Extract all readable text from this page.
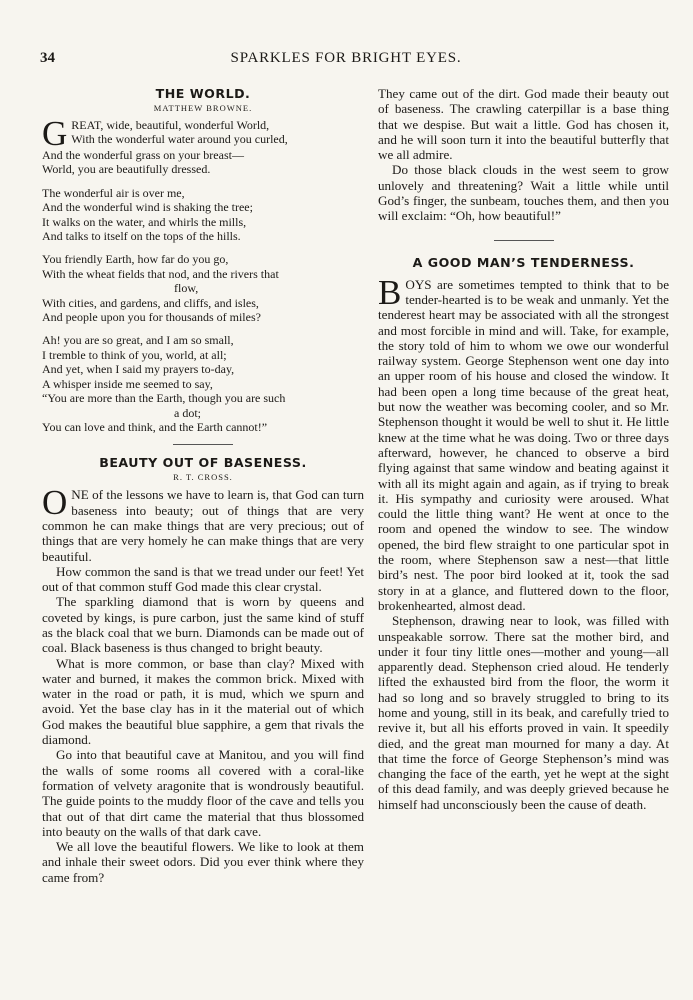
34	SPARKLES FOR BRIGHT EYES.
THE WORLD.
MATTHEW BROWNE.
G REAT, wide, beautiful, wonderful World,

With the wonderful water around you curled,

And the wonderful grass on your breast—

World, you are beautifully dressed.

The wonderful air is over me,

And the wonderful wind is shaking the tree;

It walks on the water, and whirls the mills,

And talks to itself on the tops of the hills.

You friendly Earth, how far do you go,

With the wheat fields that nod, and the rivers that

flow,

With cities, and gardens, and cliffs, and isles,

And people upon you for thousands of miles?

Ah! you are so great, and I am so small,

I tremble to think of you, world, at all;

And yet, when I said my prayers to-day,

A whisper inside me seemed to say,

“You are more than the Earth, though you are such

a dot;

You can love and think, and the Earth cannot!”

BEAUTY OUT OF BASENESS.
R. T. CROSS.
O NE of the lessons we have to learn is, that God can turn baseness into beauty; out of things that are very common he can make things that are very precious; out of things that are very homely he can make things that are very beautiful.

How common the sand is that we tread under our feet! Yet out of that common stuff God made this clear crystal.

The sparkling diamond that is worn by queens and coveted by kings, is pure carbon, just the same kind of stuff as the black coal that we burn. Diamonds can be made out of coal. Black baseness is thus changed to bright beauty.

What is more common, or base than clay? Mixed with water and burned, it makes the common brick. Mixed with water in the road or path, it is mud, which we spurn and avoid. Yet the base clay has in it the material out of which God makes the beautiful blue sapphire, a gem that rivals the diamond.

Go into that beautiful cave at Manitou, and you will find the walls of some rooms all covered with a coral-like formation of velvety aragonite that is wondrously beautiful. The guide points to the muddy floor of the cave and tells you that out of that dirt came the material that thus blossomed into beauty on the walls of that dark cave.

We all love the beautiful flowers. We like to look at them and inhale their sweet odors. Did you ever think where they came from?

They came out of the dirt. God made their beauty out of baseness. The crawling caterpillar is a base thing that we despise. But wait a little. God has chosen it, and he will soon turn it into the beautiful butterfly that we all admire.

Do those black clouds in the west seem to grow unlovely and threatening? Wait a little while until God’s finger, the sunbeam, touches them, and then you will exclaim: “Oh, how beautiful!”

A GOOD MAN’S TENDERNESS.
B OYS are sometimes tempted to think that to be tender-hearted is to be weak and unmanly. Yet the tenderest heart may be associated with all the strongest and most forcible in mind and will. Take, for example, the story told of him to whom we owe our wonderful railway system. George Stephenson went one day into an upper room of his house and closed the window. It had been open a long time because of the great heat, but now the weather was becoming cooler, and so Mr. Stephenson thought it would be well to shut it. He little knew at the time what he was doing. Two or three days afterward, however, he chanced to observe a bird flying against that same window and beating against it with all its might again and again, as if trying to break it. His sympathy and curiosity were aroused. What could the little thing want? He went at once to the room and opened the window to see. The window opened, the bird flew straight to one particular spot in the room, where Stephenson saw a nest—that little bird’s nest. The poor bird looked at it, took the sad story in at a glance, and fluttered down to the floor, brokenhearted, almost dead.

Stephenson, drawing near to look, was filled with unspeakable sorrow. There sat the mother bird, and under it four tiny little ones—mother and young—all apparently dead. Stephenson cried aloud. He tenderly lifted the exhausted bird from the floor, the worm it had so long and so bravely struggled to bring to its home and young, still in its beak, and carefully tried to revive it, but all his efforts proved in vain. It speedily died, and the great man mourned for many a day. At that time the force of George Stephenson’s mind was changing the face of the earth, yet he wept at the sight of this dead family, and was deeply grieved because he himself had unconsciously been the cause of death.
